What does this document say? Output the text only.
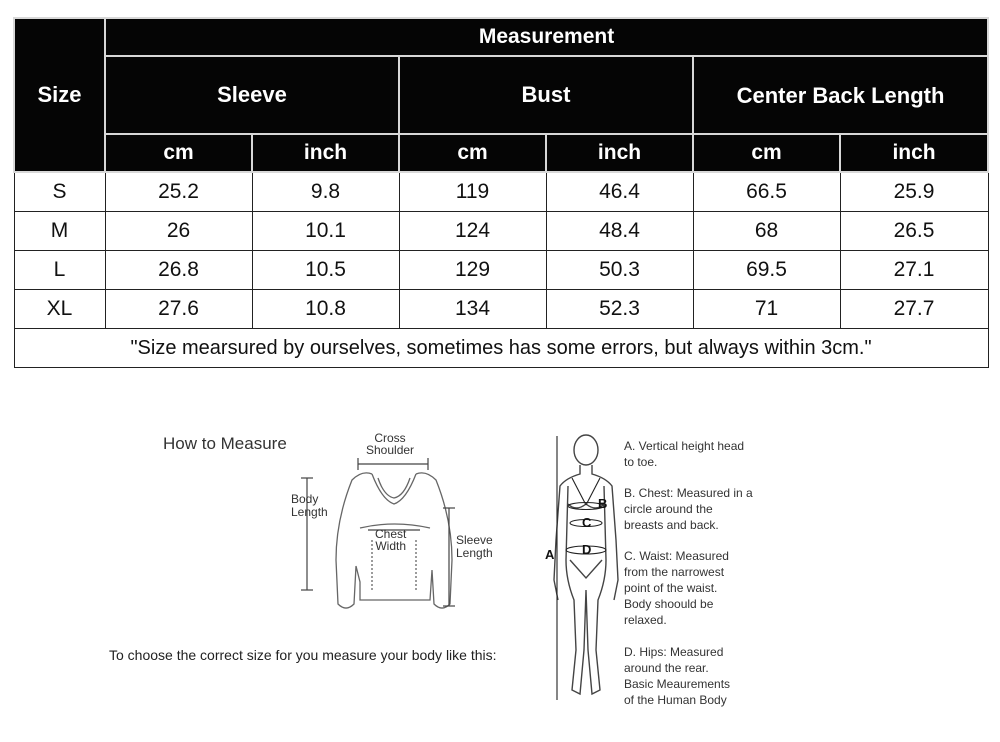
Size	Measurement					
	Sleeve		Bust		Center Back Length	
	cm	inch	cm	inch	cm	inch
S	25.2	9.8	119	46.4	66.5	25.9
M	26	10.1	124	48.4	68	26.5
L	26.8	10.5	129	50.3	69.5	27.1
XL	27.6	10.8	134	52.3	71	27.7
"Size mearsured by ourselves, sometimes has some errors, but always within 3cm."						
How to Measure	Cross
Shoulder
Body
Length
Chest
Width	Sleeve
Length
To choose the correct size for you measure your body like this:
A
B
C
D
A. Vertical height head
to toe.
B. Chest: Measured in a
circle around the
breasts and back.
C. Waist: Measured
from the narrowest
point of the waist.
Body shoould be
relaxed.
D. Hips: Measured
around the rear.
Basic Meaurements
of the Human Body
